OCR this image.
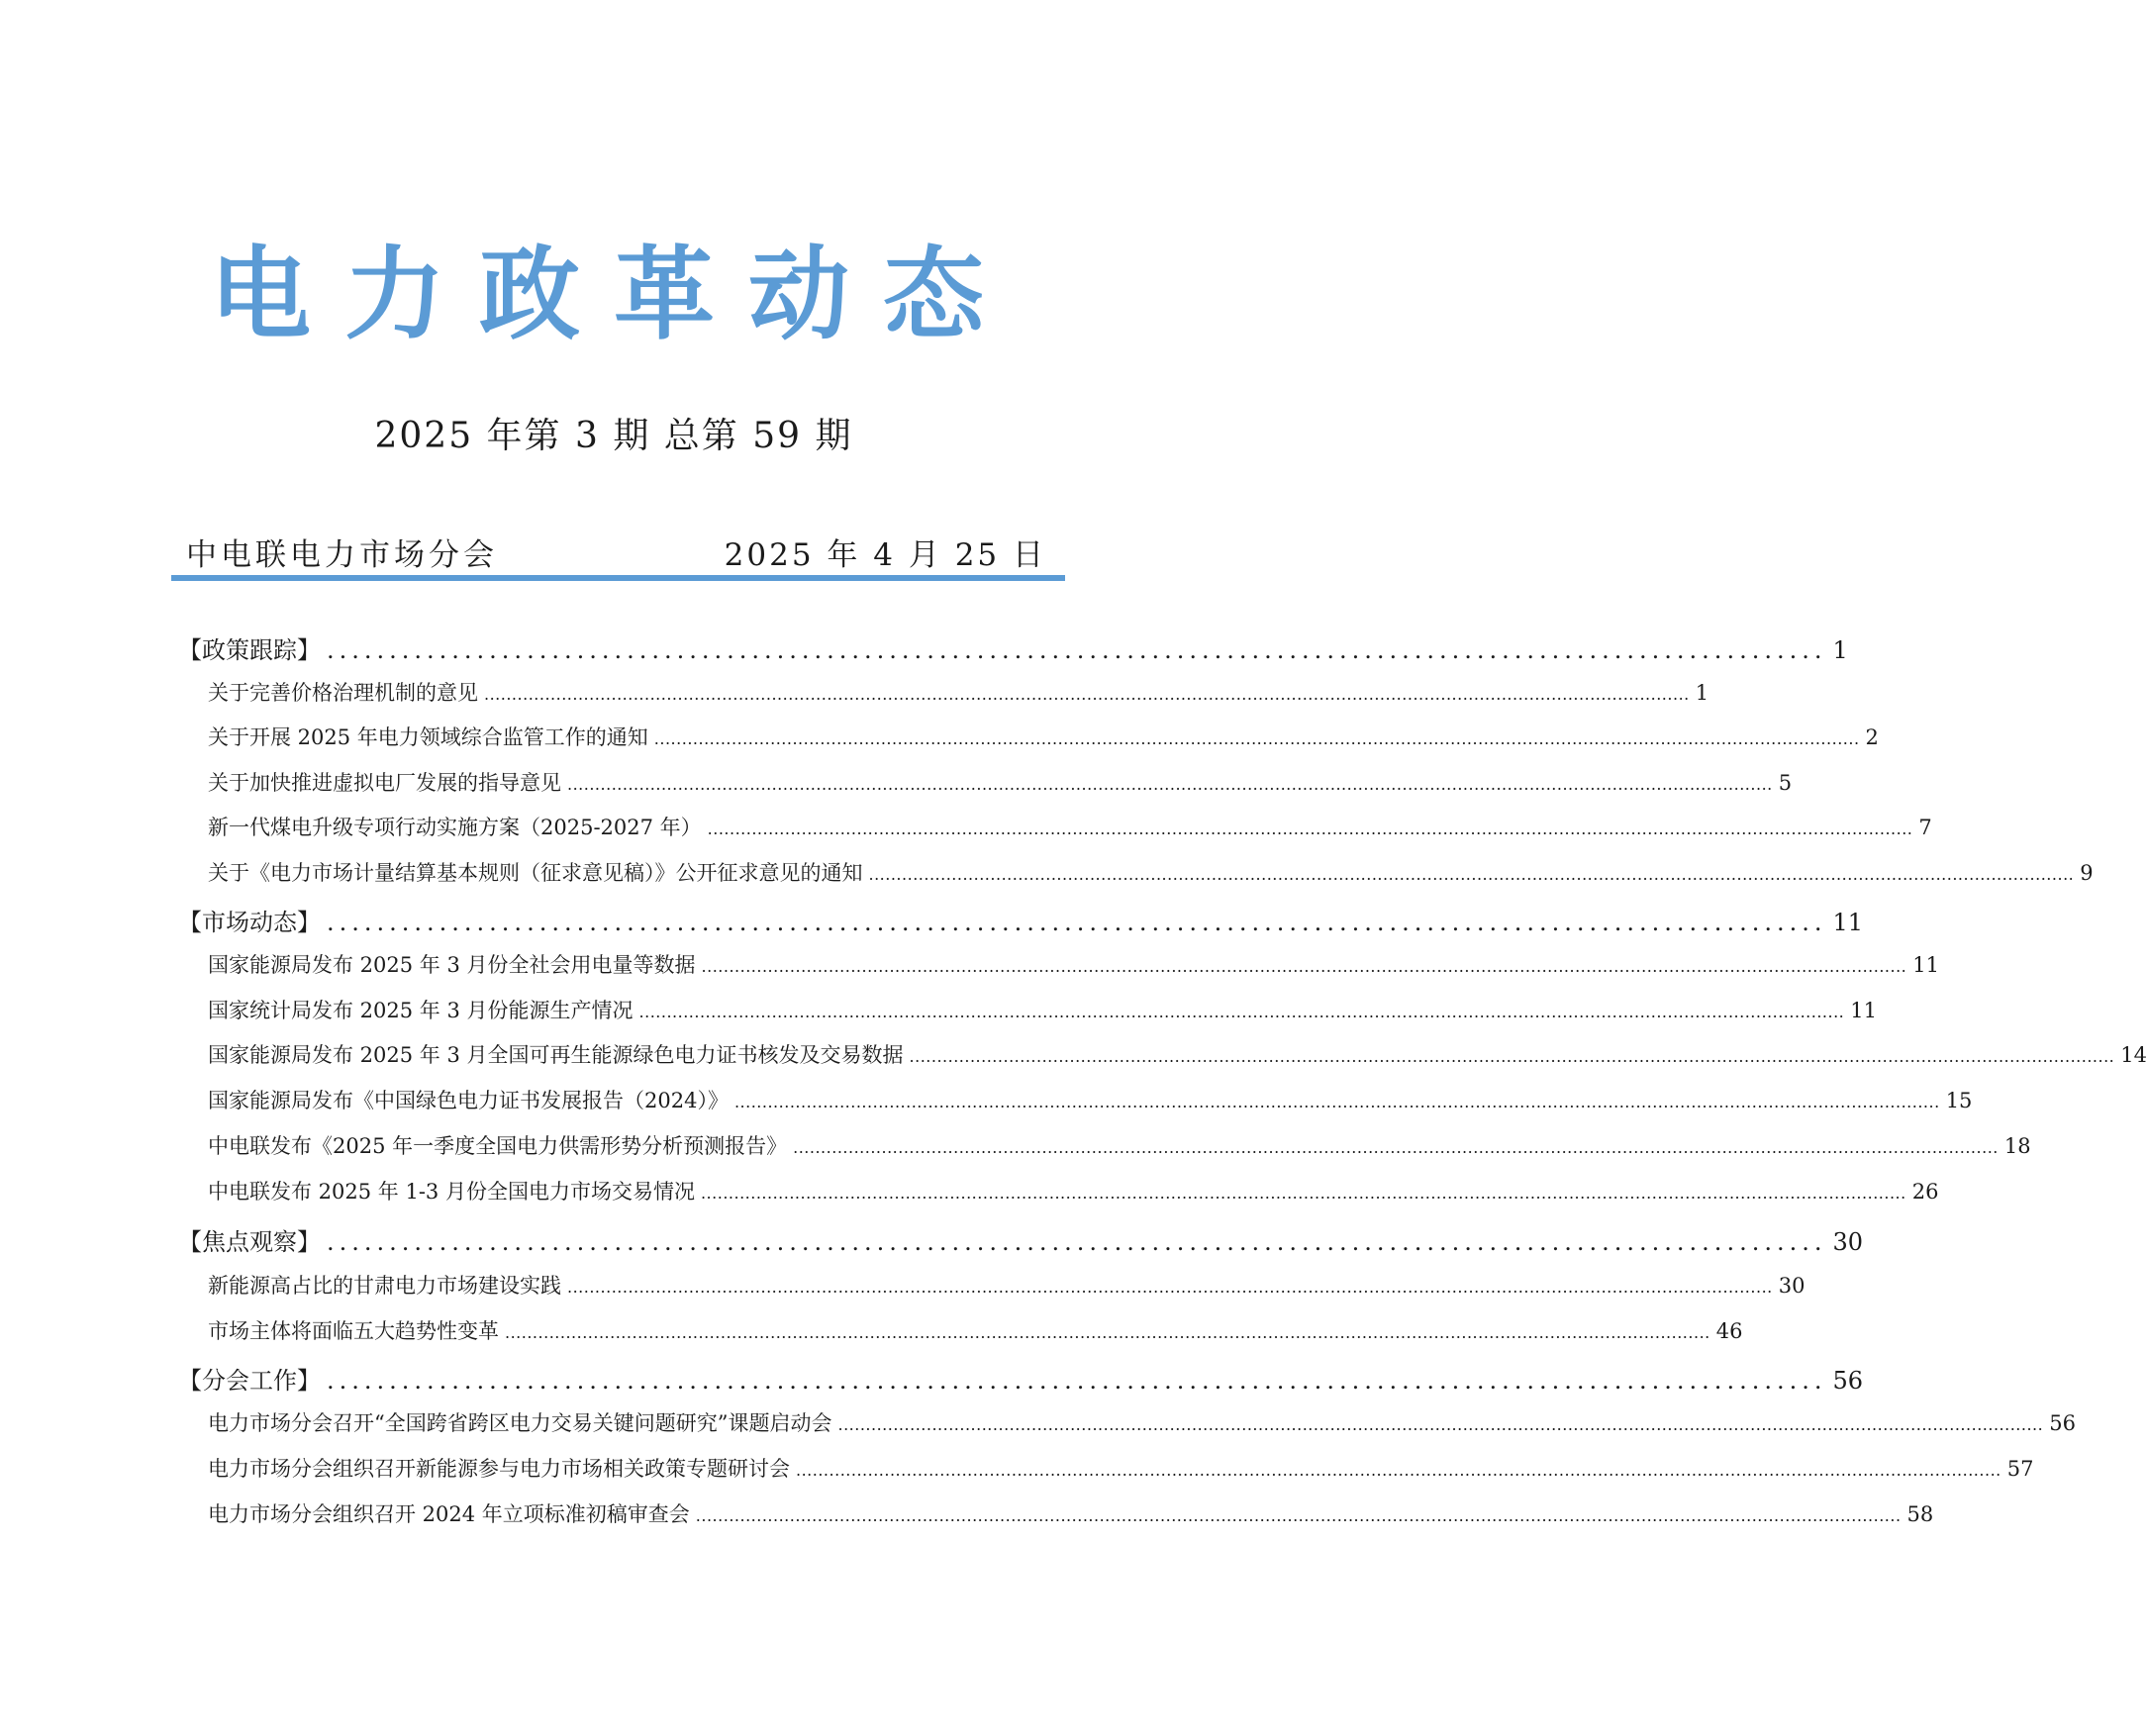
电力政革动态
2025 年第 3 期 总第 59 期
中电联电力市场分会	2025 年 4 月 25 日
【政策跟踪】 ........................................................................................................................ 1
关于完善价格治理机制的意见 .......................................................................................................................................................................................................................... 1
关于开展 2025 年电力领域综合监管工作的通知 .......................................................................................................................................................................................................................... 2
关于加快推进虚拟电厂发展的指导意见 .......................................................................................................................................................................................................................... 5
新一代煤电升级专项行动实施方案（2025-2027 年） .......................................................................................................................................................................................................................... 7
关于《电力市场计量结算基本规则（征求意见稿）》公开征求意见的通知 .......................................................................................................................................................................................................................... 9
【市场动态】 ........................................................................................................................ 11
国家能源局发布 2025 年 3 月份全社会用电量等数据 .......................................................................................................................................................................................................................... 11
国家统计局发布 2025 年 3 月份能源生产情况 .......................................................................................................................................................................................................................... 11
国家能源局发布 2025 年 3 月全国可再生能源绿色电力证书核发及交易数据 .......................................................................................................................................................................................................................... 14
国家能源局发布《中国绿色电力证书发展报告（2024）》 .......................................................................................................................................................................................................................... 15
中电联发布《2025 年一季度全国电力供需形势分析预测报告》 .......................................................................................................................................................................................................................... 18
中电联发布 2025 年 1-3 月份全国电力市场交易情况 .......................................................................................................................................................................................................................... 26
【焦点观察】 ........................................................................................................................ 30
新能源高占比的甘肃电力市场建设实践 .......................................................................................................................................................................................................................... 30
市场主体将面临五大趋势性变革 .......................................................................................................................................................................................................................... 46
【分会工作】 ........................................................................................................................ 56
电力市场分会召开“全国跨省跨区电力交易关键问题研究”课题启动会 .......................................................................................................................................................................................................................... 56
电力市场分会组织召开新能源参与电力市场相关政策专题研讨会 .......................................................................................................................................................................................................................... 57
电力市场分会组织召开 2024 年立项标准初稿审查会 .......................................................................................................................................................................................................................... 58
